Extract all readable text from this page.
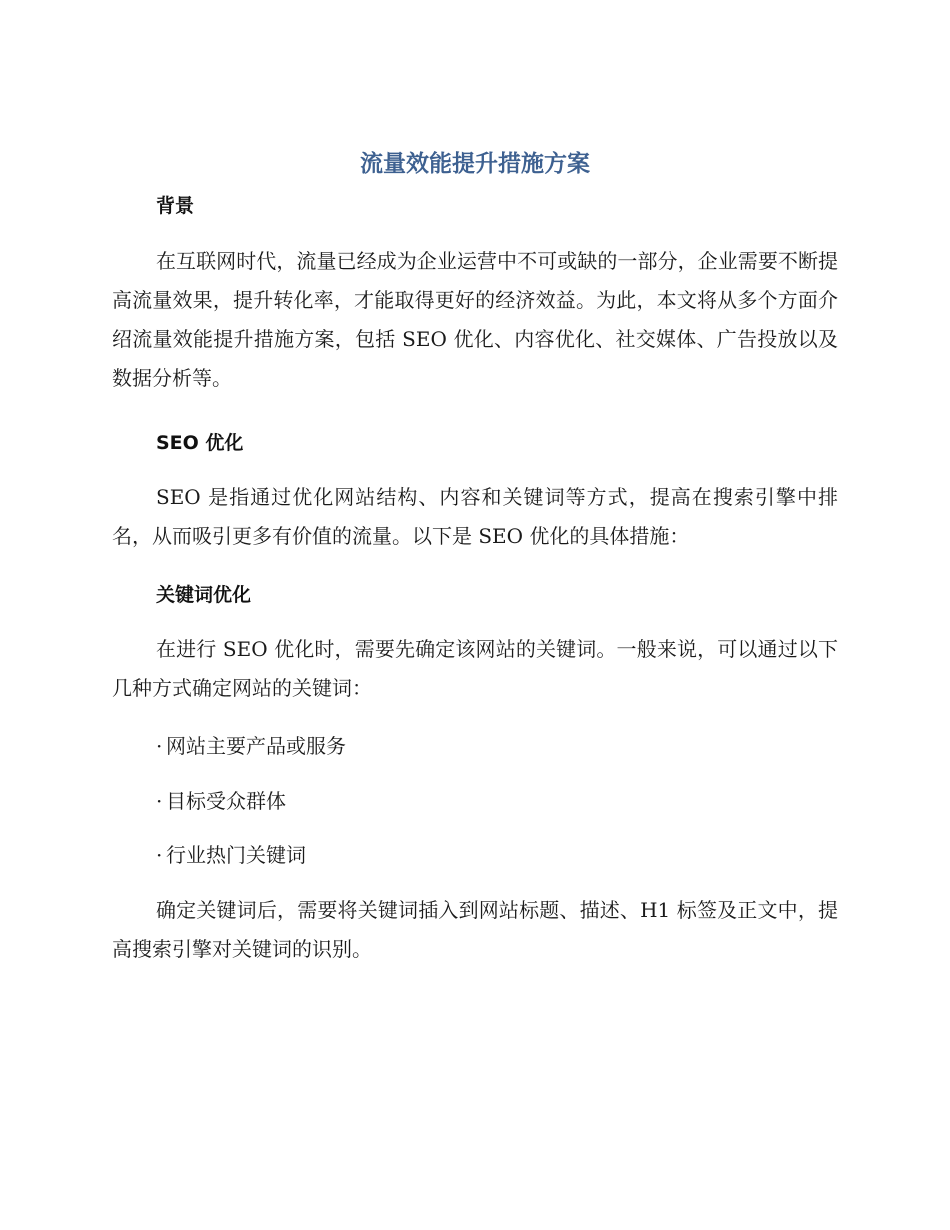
流量效能提升措施方案
背景

在互联网时代，流量已经成为企业运营中不可或缺的一部分，企业需要不断提高流量效果，提升转化率，才能取得更好的经济效益。为此，本文将从多个方面介绍流量效能提升措施方案，包括 SEO 优化、内容优化、社交媒体、广告投放以及数据分析等。

SEO 优化

SEO 是指通过优化网站结构、内容和关键词等方式，提高在搜索引擎中排名，从而吸引更多有价值的流量。以下是 SEO 优化的具体措施：

关键词优化

在进行 SEO 优化时，需要先确定该网站的关键词。一般来说，可以通过以下几种方式确定网站的关键词：

· 网站主要产品或服务
· 目标受众群体
· 行业热门关键词

确定关键词后，需要将关键词插入到网站标题、描述、H1 标签及正文中，提高搜索引擎对关键词的识别。
